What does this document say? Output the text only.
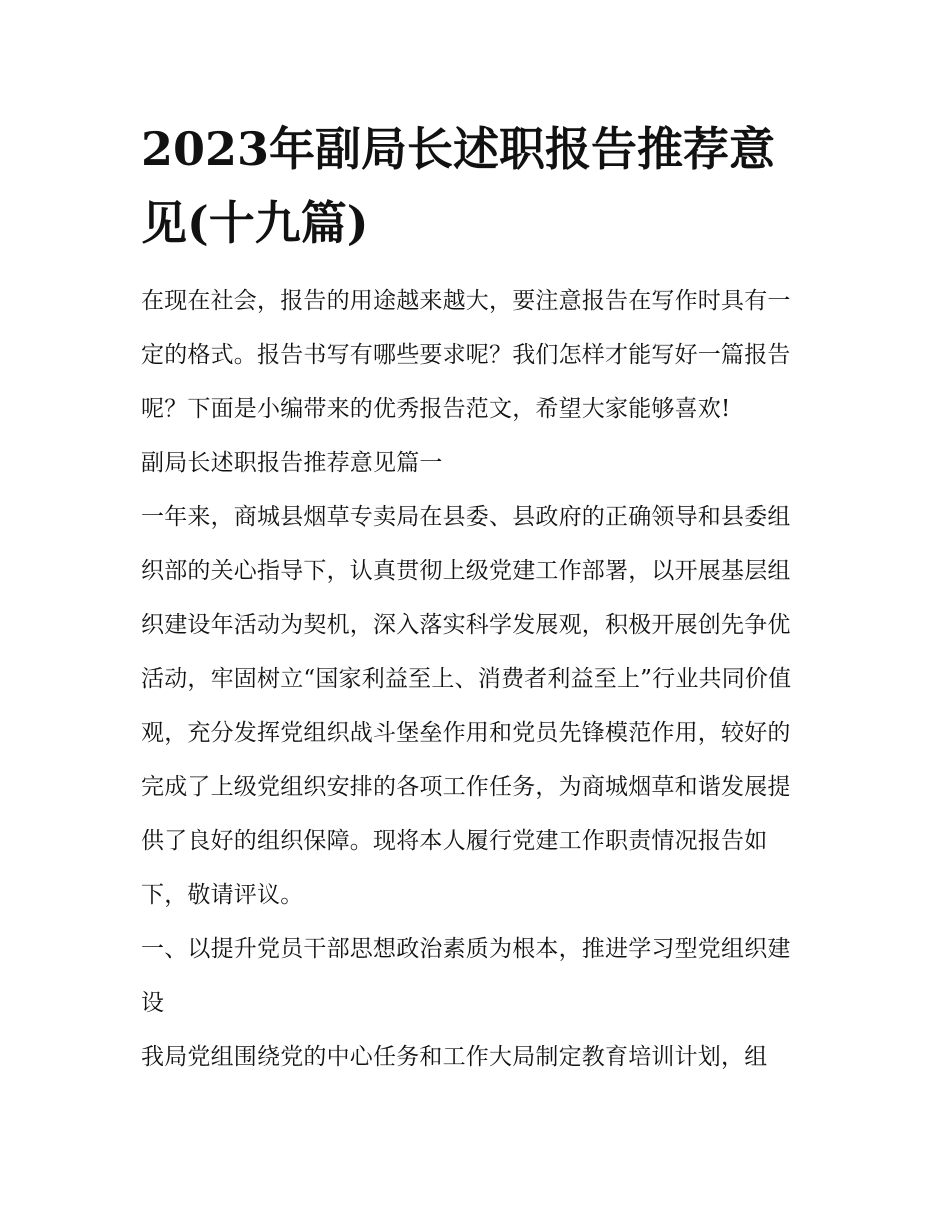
2023年副局长述职报告推荐意见(十九篇)

在现在社会，报告的用途越来越大，要注意报告在写作时具有一定的格式。报告书写有哪些要求呢？我们怎样才能写好一篇报告呢？下面是小编带来的优秀报告范文，希望大家能够喜欢!

副局长述职报告推荐意见篇一

一年来，商城县烟草专卖局在县委、县政府的正确领导和县委组织部的关心指导下，认真贯彻上级党建工作部署，以开展基层组织建设年活动为契机，深入落实科学发展观，积极开展创先争优活动，牢固树立“国家利益至上、消费者利益至上”行业共同价值观，充分发挥党组织战斗堡垒作用和党员先锋模范作用，较好的完成了上级党组织安排的各项工作任务，为商城烟草和谐发展提供了良好的组织保障。现将本人履行党建工作职责情况报告如下，敬请评议。

一、以提升党员干部思想政治素质为根本，推进学习型党组织建设

我局党组围绕党的中心任务和工作大局制定教育培训计划，组
